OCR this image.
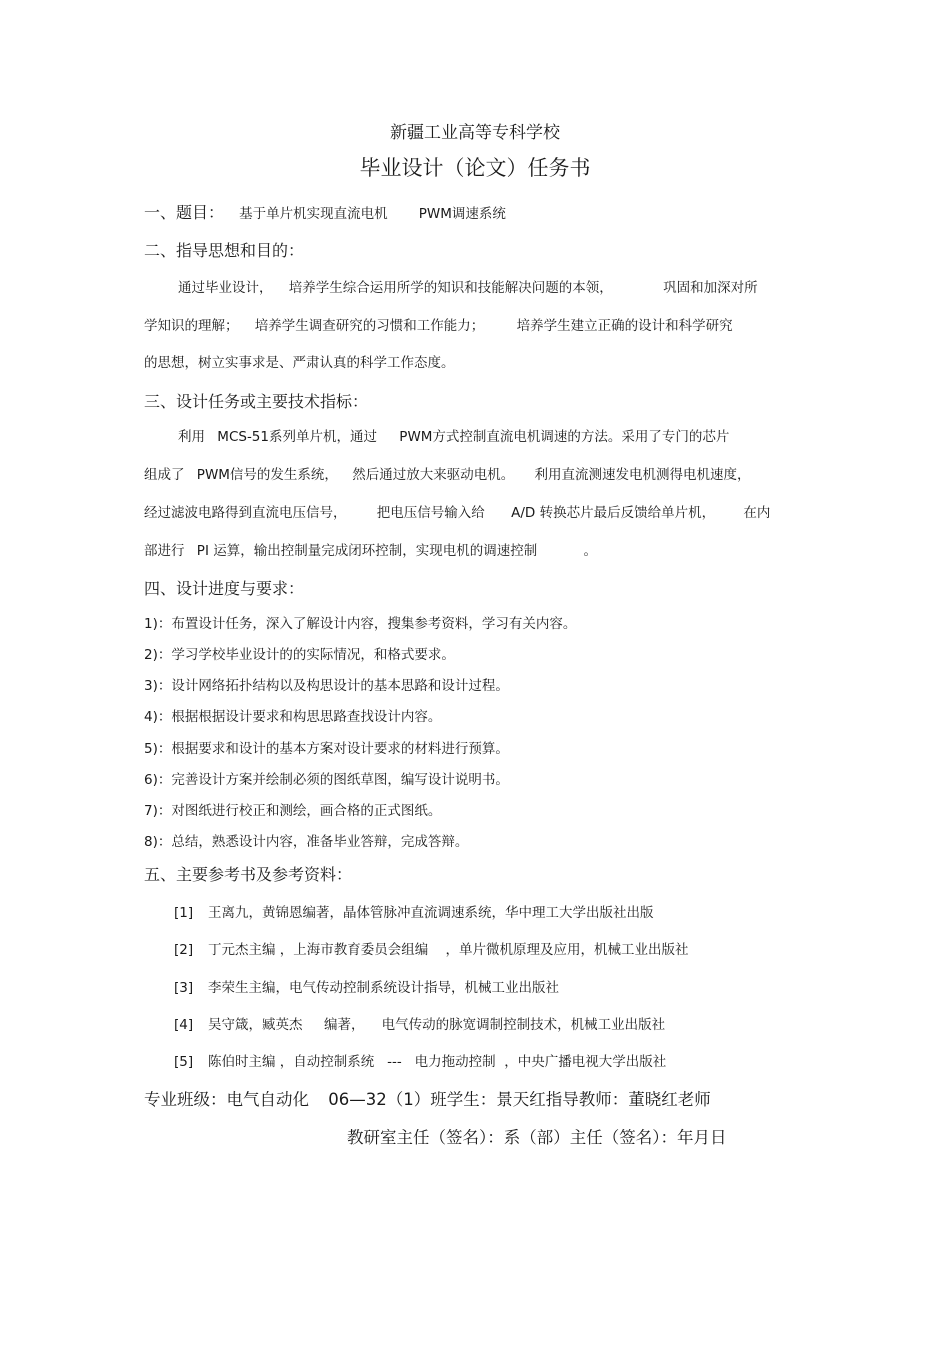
新疆工业高等专科学校
毕业设计（论文）任务书
一、题目： 基于单片机实现直流电机 PWM调速系统
二、指导思想和目的：
通过毕业设计， 培养学生综合运用所学的知识和技能解决问题的本领，	巩固和加深对所
学知识的理解； 培养学生调查研究的习惯和工作能力； 培养学生建立正确的设计和科学研究
的思想，树立实事求是、严肃认真的科学工作态度。
三、设计任务或主要技术指标：
利用 MCS-51系列单片机，通过 PWM方式控制直流电机调速的方法。采用了专门的芯片
组成了 PWM信号的发生系统， 然后通过放大来驱动电机。 利用直流测速发电机测得电机速度，
经过滤波电路得到直流电压信号， 把电压信号输入给 A/D 转换芯片最后反馈给单片机， 在内
部进行 PI 运算，输出控制量完成闭环控制，实现电机的调速控制	。
四、设计进度与要求：
1)：布置设计任务，深入了解设计内容，搜集参考资料，学习有关内容。
2)：学习学校毕业设计的的实际情况，和格式要求。
3)：设计网络拓扑结构以及构思设计的基本思路和设计过程。
4)：根据根据设计要求和构思思路查找设计内容。
5)：根据要求和设计的基本方案对设计要求的材料进行预算。
6)：完善设计方案并绘制必须的图纸草图，编写设计说明书。
7)：对图纸进行校正和测绘，画合格的正式图纸。
8)：总结，熟悉设计内容，准备毕业答辩，完成答辩。
五、主要参考书及参考资料：
[1] 王离九，黄锦恩编著，晶体管脉冲直流调速系统，华中理工大学出版社出版
[2] 丁元杰主编 ，上海市教育委员会组编    ，单片微机原理及应用，机械工业出版社
[3] 李荣生主编，电气传动控制系统设计指导，机械工业出版社
[4] 吴守箴，臧英杰     编著，    电气传动的脉宽调制控制技术，机械工业出版社
[5] 陈伯时主编 ，自动控制系统   ---   电力拖动控制  ，中央广播电视大学出版社
专业班级：电气自动化 06—32（1）班学生：景天红指导教师：董晓红老师
教研室主任（签名）：系（部）主任（签名）：年月日
